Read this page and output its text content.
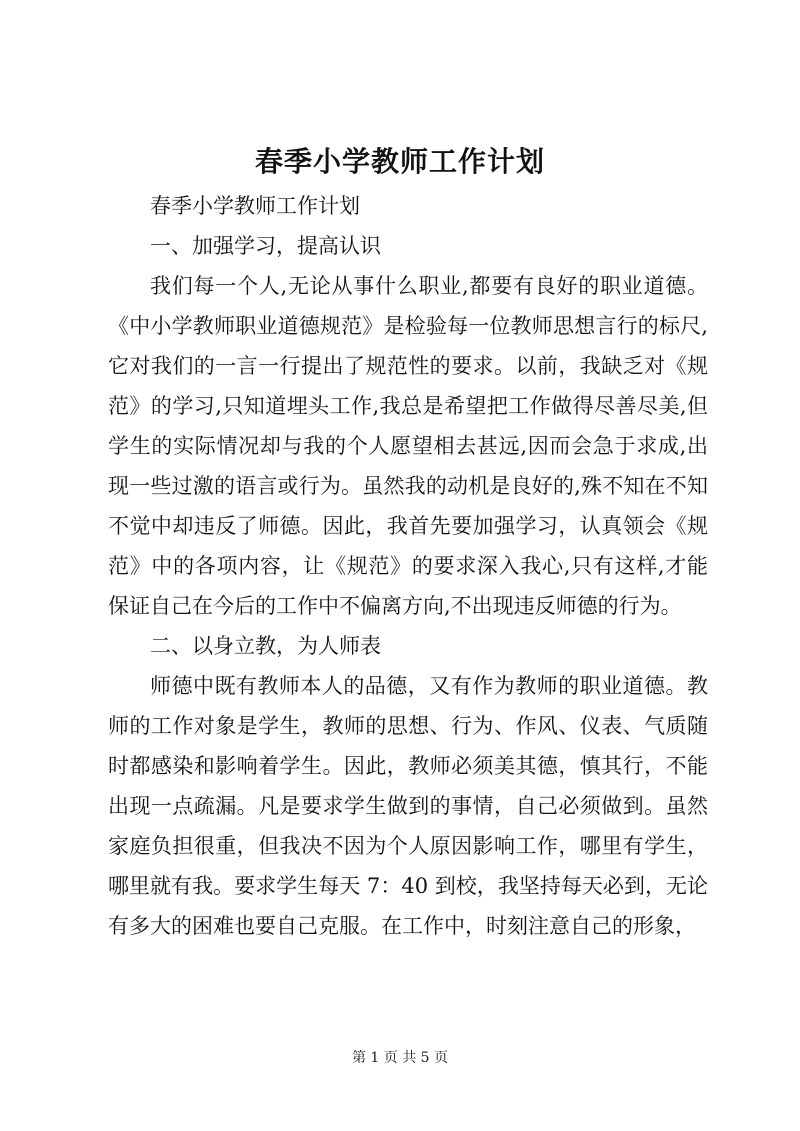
春季小学教师工作计划

春季小学教师工作计划

一、加强学习，提高认识

我们每一个人,无论从事什么职业,都要有良好的职业道德。《中小学教师职业道德规范》是检验每一位教师思想言行的标尺,它对我们的一言一行提出了规范性的要求。以前，我缺乏对《规范》的学习,只知道埋头工作,我总是希望把工作做得尽善尽美,但学生的实际情况却与我的个人愿望相去甚远,因而会急于求成,出现一些过激的语言或行为。虽然我的动机是良好的,殊不知在不知不觉中却违反了师德。因此，我首先要加强学习，认真领会《规范》中的各项内容，让《规范》的要求深入我心,只有这样,才能保证自己在今后的工作中不偏离方向,不出现违反师德的行为。

二、以身立教，为人师表

师德中既有教师本人的品德，又有作为教师的职业道德。教师的工作对象是学生，教师的思想、行为、作风、仪表、气质随时都感染和影响着学生。因此，教师必须美其德，慎其行，不能出现一点疏漏。凡是要求学生做到的事情，自己必须做到。虽然家庭负担很重，但我决不因为个人原因影响工作，哪里有学生，哪里就有我。要求学生每天 7：40 到校，我坚持每天必到，无论有多大的困难也要自己克服。在工作中，时刻注意自己的形象，

第 1 页 共 5 页
